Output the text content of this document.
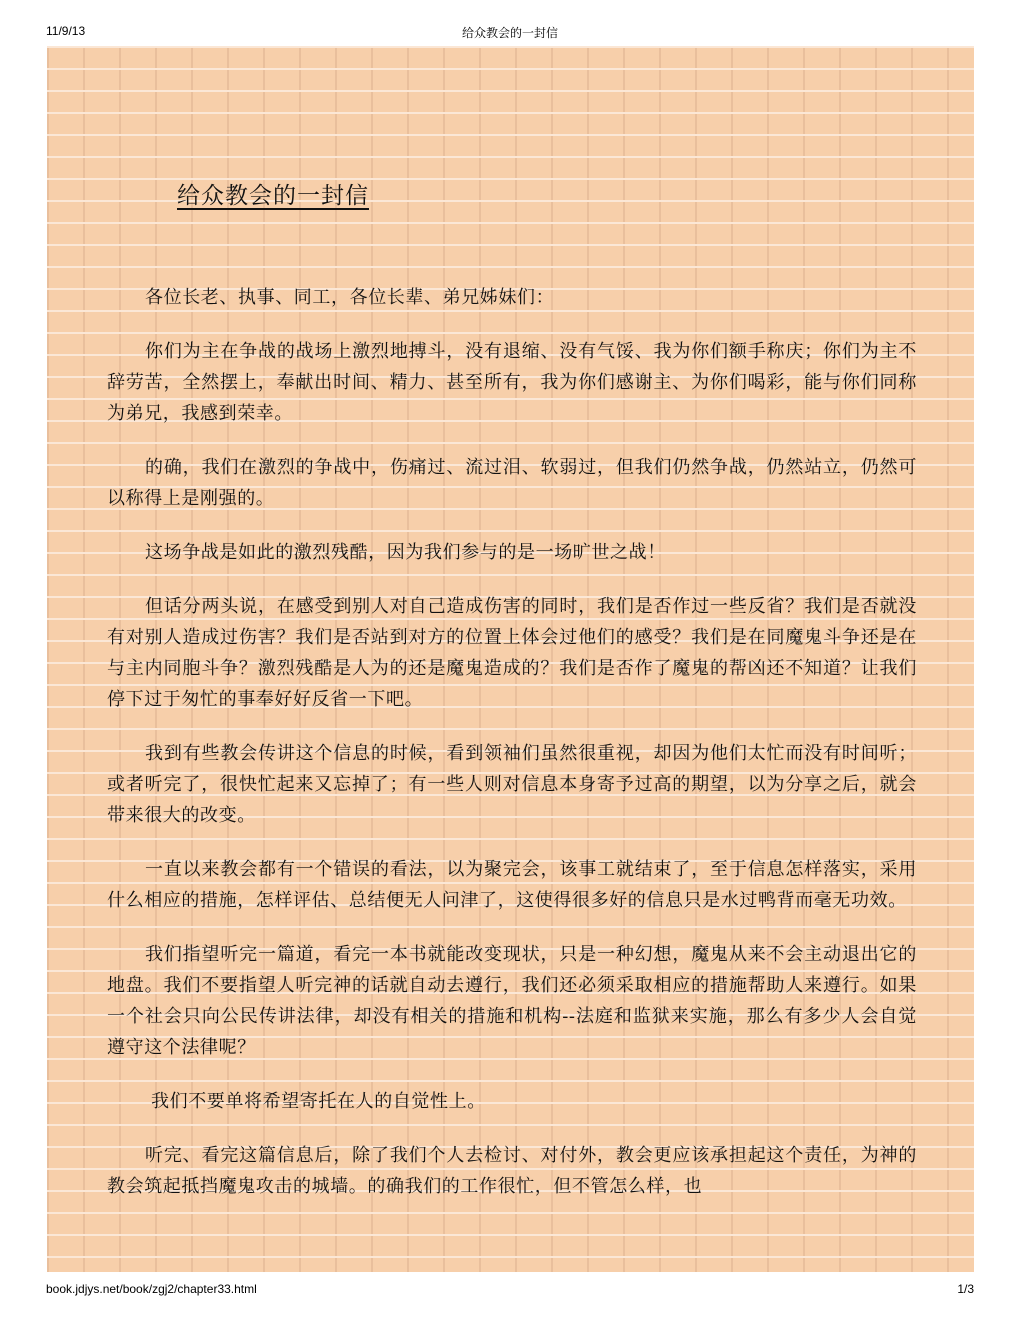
11/9/13	给众教会的一封信
给众教会的一封信

各位长老、执事、同工，各位长辈、弟兄姊妹们：

你们为主在争战的战场上激烈地搏斗，没有退缩、没有气馁、我为你们额手称庆；你们为主不辞劳苦，全然摆上，奉献出时间、精力、甚至所有，我为你们感谢主、为你们喝彩，能与你们同称为弟兄，我感到荣幸。

的确，我们在激烈的争战中，伤痛过、流过泪、软弱过，但我们仍然争战，仍然站立，仍然可以称得上是刚强的。

这场争战是如此的激烈残酷，因为我们参与的是一场旷世之战！

但话分两头说，在感受到别人对自己造成伤害的同时，我们是否作过一些反省？我们是否就没有对别人造成过伤害？我们是否站到对方的位置上体会过他们的感受？我们是在同魔鬼斗争还是在与主内同胞斗争？激烈残酷是人为的还是魔鬼造成的？我们是否作了魔鬼的帮凶还不知道？让我们停下过于匆忙的事奉好好反省一下吧。

我到有些教会传讲这个信息的时候，看到领袖们虽然很重视，却因为他们太忙而没有时间听；或者听完了，很快忙起来又忘掉了；有一些人则对信息本身寄予过高的期望，以为分享之后，就会带来很大的改变。

一直以来教会都有一个错误的看法，以为聚完会，该事工就结束了，至于信息怎样落实，采用什么相应的措施，怎样评估、总结便无人问津了，这使得很多好的信息只是水过鸭背而毫无功效。

我们指望听完一篇道，看完一本书就能改变现状，只是一种幻想，魔鬼从来不会主动退出它的地盘。我们不要指望人听完神的话就自动去遵行，我们还必须采取相应的措施帮助人来遵行。如果一个社会只向公民传讲法律，却没有相关的措施和机构--法庭和监狱来实施，那么有多少人会自觉遵守这个法律呢？

我们不要单将希望寄托在人的自觉性上。

听完、看完这篇信息后，除了我们个人去检讨、对付外，教会更应该承担起这个责任，为神的教会筑起抵挡魔鬼攻击的城墙。的确我们的工作很忙，但不管怎么样，也

book.jdjys.net/book/zgj2/chapter33.html	1/3
